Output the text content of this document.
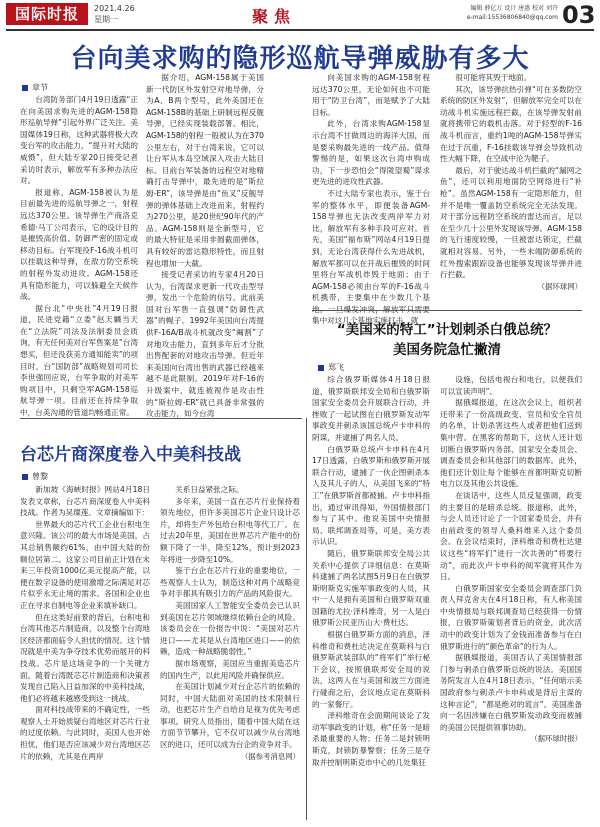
国际时报	2021.4.26
星期一	聚焦	编辑 薛亿万 设计 唐惠 校对 刘卉
e-mail:15536806840@qq.com 03
台向美求购的隐形巡航导弹威胁有多大
章节

台湾防务部门4月19日透露“正在向美国求购先进的AGM-158隐形巡航导弹”引起外界广泛关注。美国媒体19日称，这种武器将极大改变台军的攻击能力，“提升对大陆的威慑”，但大陆专家20日接受记者采访时表示，解放军有多种办法应对。

报道称，AGM-158被认为是目前最先进的巡航导弹之一，射程远达370公里。该导弹生产商洛克希德·马丁公司表示，它的设计目的是摧毁高价值、防御严密的固定或移动目标。台军现役F-16战斗机可以挂载这种导弹，在敌方防空系统的射程外发动进攻。AGM-158还具有隐形能力，可以躲避全天候作战。

据台北“中央社”4月19日报道，民进党籍“立委”赵天麟当天在“立法院”司法及法制委员会质询，有无任何美对台军售案是“台湾想买，但还没获美方通知能卖”的项目时，台“国防部”战略规划司司长李世强回应说，台军争取的对美军购项目中，只剩空军AGM-158巡航导弹一项。目前还在持续争取中，台美沟通的管道均畅通正常。

据介绍，AGM-158属于美国新一代防区外发射空对地导弹，分为A、B两个型号，此外美国还在AGM-158B的基础上研制远程反舰导弹，已经实现装载部署。相比，AGM-158的射程一般被认为在370公里左右，对于台湾来说，它可以让台军从本岛空域深入攻击大陆目标。目前台军装备的远程空对地精确打击导弹中，最先进的是“斯拉姆-ER”，该导弹是由“鱼叉”反舰导弹的弹体基础上改进而来，射程约为270公里，是20世纪90年代的产品。AGM-158则是全新型号，它的最大特征是采用非圆截面弹体，具有较好的雷达隐形特性，而且射程也增加一大截。

接受记者采访的专家4月20日认为，台湾谋求更新一代攻击型导弹，发出一个危险的信号。此前美国对台军售一直强调“防御性武器”的幌子。1992年美国向台湾提供F-16A/B战斗机就改变“阉割”了对地攻击能力，直到多年后才分批出售配套的对地攻击导弹。但近年来美国向台湾出售的武器已经越来越不是此限制。2019年对F-16的升级案中，就连被视作是攻击性的“斯拉姆-ER”就已具备非常强的攻击能力，如今台湾

向美国求购的AGM-158射程远达370公里，无论如何也不可能用于“防卫台湾”，而是赋予了大陆目标。

此外，台湾求购AGM-158显示台湾不甘做周边的海洋大国，而是要采购最先进的一线产品。值得警惕的是，如果这次台湾申购成功，下一步恐怕会“得陇望蜀”谋求更先进的进攻性武器。

不过大陆专家也表示，鉴于台军的整体水平，即便装备AGM-158导弹也无法改变两岸军力对比，解放军有多种手段可应对。首先，美国“福布斯”网站4月19日提到，无论台湾获得什么先进战机，解放军都可以在开战后摧毁的时间里将台军战机炸毁于地面；由于AGM-158必须由台军的F-16战斗机携带，主要集中在少数几个基 集中对这几个基地实施打击，就

很可能将其毁于地面。

其次，该导弹抗热引弹“可在多数防空系统的防区外发射”，但解放军完全可以在动战斗机实施远程拦截，在该导弹发射前就将携带它的载机击落。对于轻型的F-16战斗机而言，重约1吨的AGM-158导弹实在过于沉重，F-16挂载该导弹会导致机动性大幅下降，在空战中沦为靶子。

最后，对于驶达战斗机拦截的“漏网之鱼”，还可以利用地面防空网络进行“补枪”。虽然AGM-158有一定隐形能力，但并不是唯一覆盖防空系统完全无法发现。对于部分远程防空系统的雷达而言，足以在至少几十公里外发现该导弹。AGM-158的飞行速度较慢，一旦被雷达锁定，拦截就相对容易。另外，一些未端防御系统的红外搜索跟踪设备也能够发现该导弹并进行拦截。

（据环球网）
“美国来的特工”计划刺杀白俄总统？
美国务院急忙撇清
郑飞

综合俄罗斯媒体4月18日报道，俄罗斯联邦安全局和白俄罗斯国家安全委员会开展联合行动，并挫败了一起试图在白俄罗斯发动军事政变并刺杀该国总统卢卡申科的阴谋，并逮捕了两名人员。

白俄罗斯总统卢卡申科在4月17日透露，白俄罗斯和俄罗斯开展联合行动，逮捕了一伙企图刺杀本人及其儿子的人，从美国飞来的“特工”在俄罗斯首都被捕。卢卡申科指出，通过审讯得知，外国情报部门参与了其中。他说美国中央情报局、联邦调查局等，可是，美方表示认识。

随后，俄罗斯联邦安全局公共关系中心提供了详细信息：在莫斯科逮捕了两名试图5月9日在白俄罗斯明斯克实施军事政变的人员，其中一人是拥有美国和白俄罗斯双重国籍的尤拉·泽科维奇，另一人是白俄罗斯公民亚历山大·费杜达。

根据白俄罗斯方面的消息，泽科维奇和费杜达决定在莫斯科与白俄罗斯武装部队的“将军们”举行秘下会议，按照俄联邦安全局的说法，这两人在与美国和波兰方面进行碰商之后，会议地点定在莫斯科的一家餐厅。

泽科维奇在会面期间谈论了发动军事政变的计划，称“任务一是暗杀最重要的人物；任务二是封锁明斯克，封锁防暴警察；任务三是夺取并控制明斯克市中心的几处集狂

设施，包括电视台和电台，以便我们可以宣读声明”。

据俄媒报道，在这次会议上，组织者还带来了一份高级政变、官员和安全官员的名单，计划杀害这些人或者把他们送到集中营。在黑客的帮助下，这伙人还计划切断白俄罗斯内务部、国家安全委员会、调查委员会和其他部门的数据库。此外，他们还计划让每个能够在首都明斯克切断电力以及其他公共设施。

在谈话中，这些人员反复强调，政变的主要目的是暗杀总统。报道称，此外，与会人员还讨论了一个国家委员会，并有由前政变的领导人桑科维来入这个委员会。在会议结束时，泽科维奇和费杜达建议这些“将军们”进行一次共善的“将要行动”，而此次卢卡申科的阅军就将其作为日。

白俄罗斯国家安全委员会调查部门负责人拜克舍夫在4月18日称，有人称美国中央情报局与联邦调查局已经获得一份情报，白俄罗斯策划者背后的资金，此次活动中的政变计划为了金钱而准备参与在白俄罗斯进行的“颜色革命”的行为人。

据俄媒报道，美国否认了美国情报部门参与刺杀白俄罗斯总统的说法。美国国务院发言人在4月18日表示，“任何暗示美国政府参与刺杀卢卡申科或是背后主谋的这种言论”，“都是绝对的谎言”。美国准备向一名因涉嫌在白俄罗斯发动政变而被捕的美国公民提供领事协助。

（据环球时报）
台芯片商深度卷入中美科技战
曾黎

新加坡《海峡时报》网站4月18日发表文章称，台芯片商深度卷入中美科技战。作者为吴璨莲。文章摘编如下：

世界最大的芯片代工企业台积电生意兴隆。该公司的最大市场是美国，占其总销售额约61%，由中国大陆的份额位居第二。这家公司目前正计划在未来三年投资1000亿美元提高产能，以便在数字设备的使用激增之际满足对芯片似乎永无止境的需求。各国和企业也正在寻求自制电等企业来填补缺口。

但在这类好前景的背后，台积电和台湾其他芯片制造商，以及整个台湾地区经济都面临令人担忧的情况。这个情况就是中美为争夺技术优势而展开的科技战。芯片是这场竞争的一个关键方面。随着台湾既芯芯片制造商和决策者发现自己陷入日益加深的中美科技战，他们必将越来越感受到这一挑战。

面对科技战带来的不确定性，一些观察人士开始质疑台湾地区对芯片行业的过度依赖。与此同时，美国人也开始担忧，他们是否应该减少对台湾地区芯片的依赖，尤其是在两岸

关系日益紧张之际。

多年来，美国一直在芯片行业保持着领先地位，但许多美国芯片企业只设计芯片，却将生产外包给台积电等代工厂。在过去20年里，美国在世界芯片产能中的份额下降了一半，降至12%，预计到2023年将进一步降至10%。

鉴于台企在芯片行业的重要地位，一些观察人士认为，制造这种对两个战略竞争对手都具有吸引力的产品的风险很大。

美国国家人工智能安全委员会已认识到美国在芯片领域继续依赖台企的风险。该委员会在一份报告中说：“美国对芯片进口——尤其是从台湾地区进口——的依赖，造成一种战略脆弱性。”

据市场观察，美国应当重振美造芯片的国内生产，以此用风险并确保供应。

在美国计划减少对台企芯片的依赖的同时，中国大陆面对美国的技术限制行动，也把芯片生产自给自足视为优先考虑事项。研究人员指出，随着中国大陆在这方面节节攀升，它不仅可以减少从台湾地区的进口，还可以成为台企的竞争对手。

（据参考消息网）
